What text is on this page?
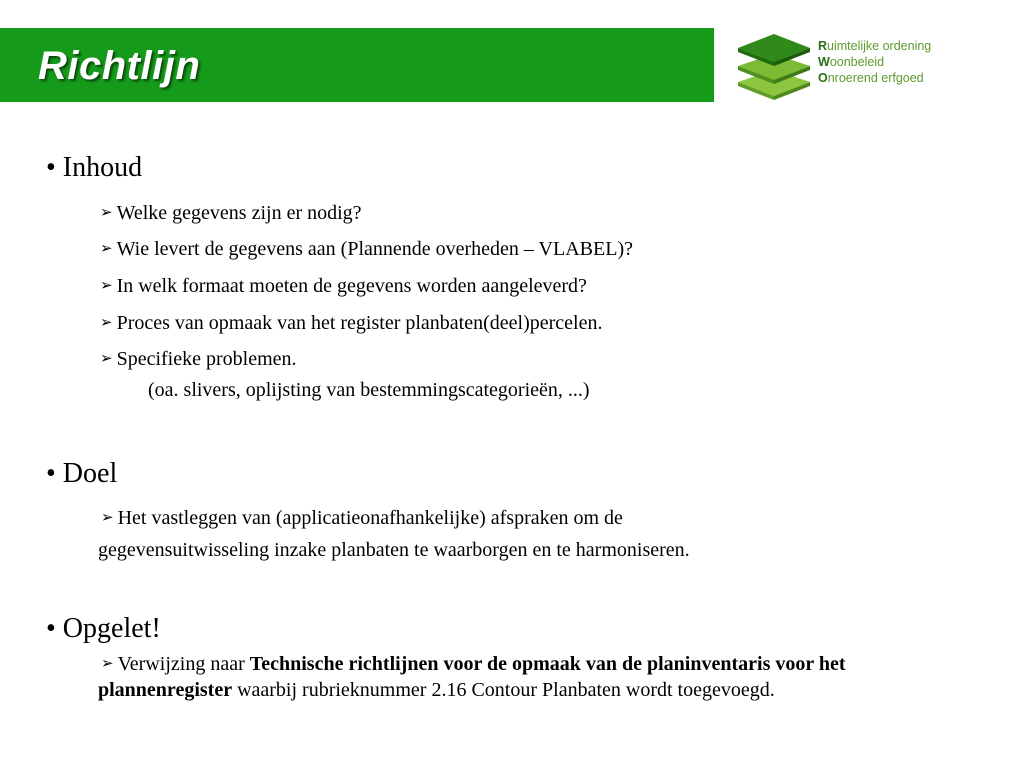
Richtlijn	Ruimtelijke ordening
Woonbeleid
Onroerend erfgoed
• Inhoud
➢ Welke gegevens zijn er nodig?
➢ Wie levert de gegevens aan (Plannende overheden – VLABEL)?
➢ In welk formaat moeten de gegevens worden aangeleverd?
➢ Proces van opmaak van het register planbaten(deel)percelen.
➢ Specifieke problemen.
(oa. slivers, oplijsting van bestemmingscategorieën, ...)
• Doel
➢ Het vastleggen van (applicatieonafhankelijke) afspraken om de
gegevensuitwisseling inzake planbaten te waarborgen en te harmoniseren.
• Opgelet!
➢ Verwijzing naar Technische richtlijnen voor de opmaak van de planinventaris voor het plannenregister waarbij rubrieknummer 2.16 Contour Planbaten wordt toegevoegd.
